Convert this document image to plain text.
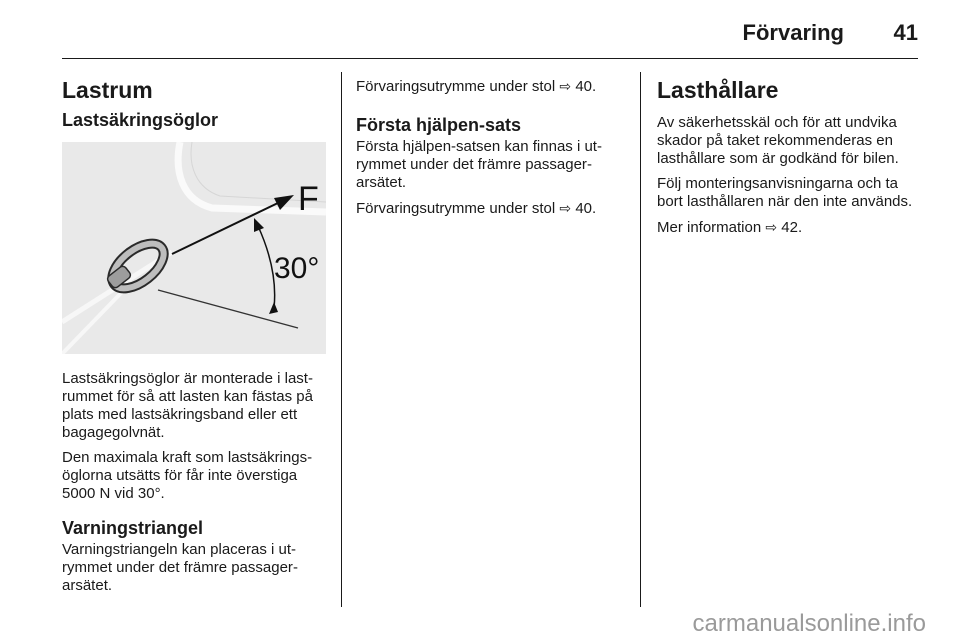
Förvaring 41
Lastrum
Lastsäkringsöglor
F
30°

Lastsäkringsöglor är monterade i lastrummet för så att lasten kan fästas på plats med lastsäkringsband eller ett bagagegolvnät.

Den maximala kraft som lastsäkringsöglorna utsätts för får inte överstiga 5000 N vid 30°.

Varningstriangel

Varningstriangeln kan placeras i utrymmet under det främre passagerarsätet.

Förvaringsutrymme under stol ⇨ 40.

Första hjälpen-sats

Första hjälpen-satsen kan finnas i utrymmet under det främre passagerarsätet.

Förvaringsutrymme under stol ⇨ 40.

Lasthållare

Av säkerhetsskäl och för att undvika skador på taket rekommenderas en lasthållare som är godkänd för bilen.

Följ monteringsanvisningarna och ta bort lasthållaren när den inte används.

Mer information ⇨ 42.

carmanualsonline.info
